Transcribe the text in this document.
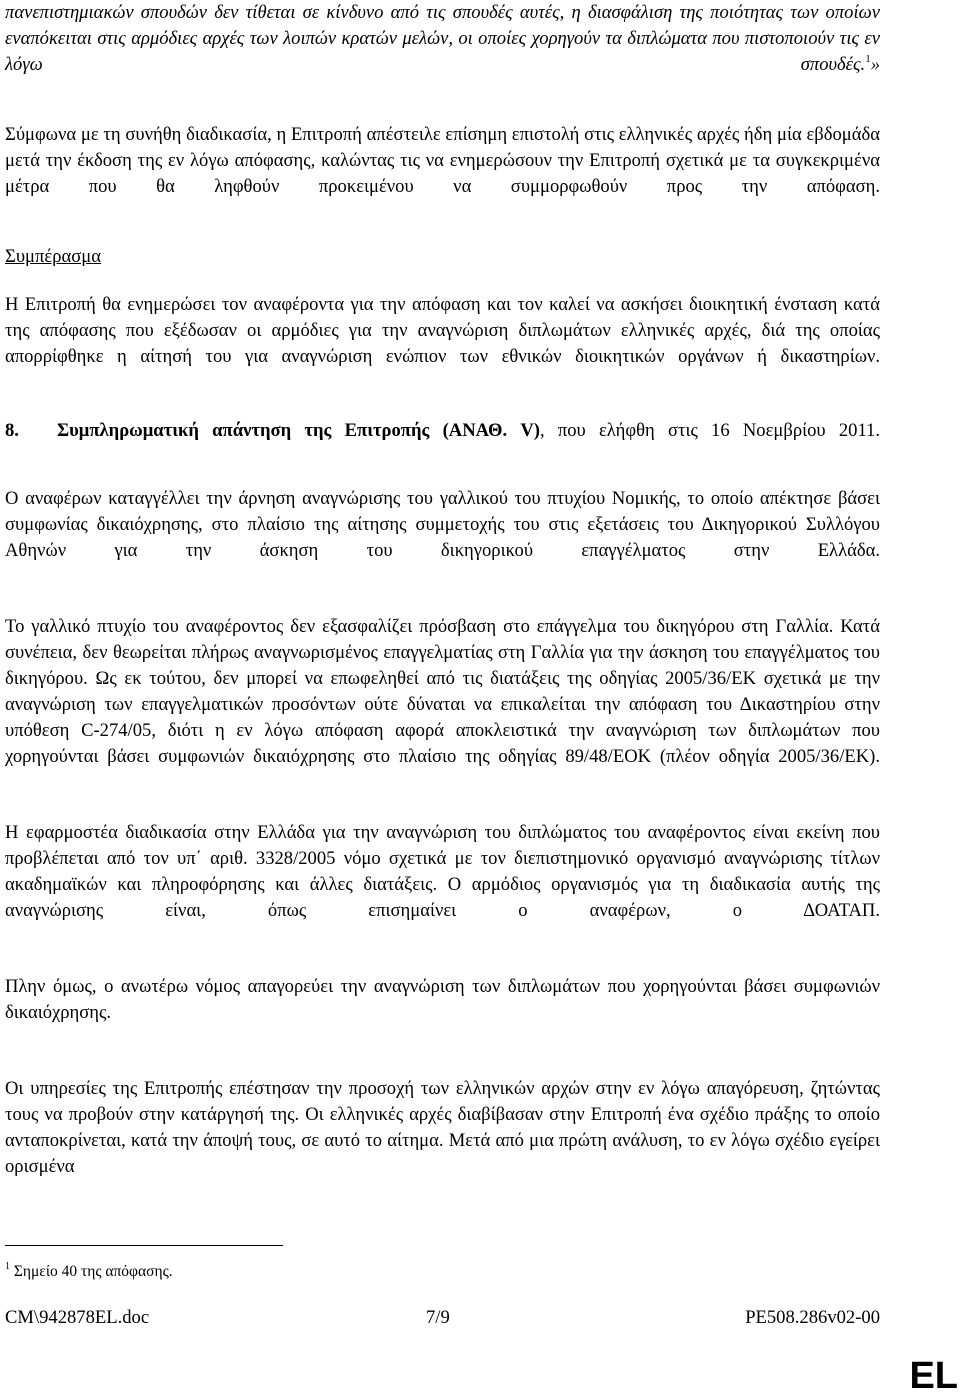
πανεπιστημιακών σπουδών δεν τίθεται σε κίνδυνο από τις σπουδές αυτές, η διασφάλιση της ποιότητας των οποίων εναπόκειται στις αρμόδιες αρχές των λοιπών κρατών μελών, οι οποίες χορηγούν τα διπλώματα που πιστοποιούν τις εν λόγω σπουδές.$^1$»

Σύμφωνα με τη συνήθη διαδικασία, η Επιτροπή απέστειλε επίσημη επιστολή στις ελληνικές αρχές ήδη μία εβδομάδα μετά την έκδοση της εν λόγω απόφασης, καλώντας τις να ενημερώσουν την Επιτροπή σχετικά με τα συγκεκριμένα μέτρα που θα ληφθούν προκειμένου να συμμορφωθούν προς την απόφαση.

Συμπέρασμα

Η Επιτροπή θα ενημερώσει τον αναφέροντα για την απόφαση και τον καλεί να ασκήσει διοικητική ένσταση κατά της απόφασης που εξέδωσαν οι αρμόδιες για την αναγνώριση διπλωμάτων ελληνικές αρχές, διά της οποίας απορρίφθηκε η αίτησή του για αναγνώριση ενώπιον των εθνικών διοικητικών οργάνων ή δικαστηρίων.

8.	Συμπληρωματική απάντηση της Επιτροπής (ΑΝΑΘ. V), που ελήφθη στις 16 Νοεμβρίου 2011.

Ο αναφέρων καταγγέλλει την άρνηση αναγνώρισης του γαλλικού του πτυχίου Νομικής, το οποίο απέκτησε βάσει συμφωνίας δικαιόχρησης, στο πλαίσιο της αίτησης συμμετοχής του στις εξετάσεις του Δικηγορικού Συλλόγου Αθηνών για την άσκηση του δικηγορικού επαγγέλματος στην Ελλάδα.

Το γαλλικό πτυχίο του αναφέροντος δεν εξασφαλίζει πρόσβαση στο επάγγελμα του δικηγόρου στη Γαλλία. Κατά συνέπεια, δεν θεωρείται πλήρως αναγνωρισμένος επαγγελματίας στη Γαλλία για την άσκηση του επαγγέλματος του δικηγόρου. Ως εκ τούτου, δεν μπορεί να επωφεληθεί από τις διατάξεις της οδηγίας 2005/36/ΕΚ σχετικά με την αναγνώριση των επαγγελματικών προσόντων ούτε δύναται να επικαλείται την απόφαση του Δικαστηρίου στην υπόθεση C-274/05, διότι η εν λόγω απόφαση αφορά αποκλειστικά την αναγνώριση των διπλωμάτων που χορηγούνται βάσει συμφωνιών δικαιόχρησης στο πλαίσιο της οδηγίας 89/48/ΕΟΚ (πλέον οδηγία 2005/36/ΕΚ).

Η εφαρμοστέα διαδικασία στην Ελλάδα για την αναγνώριση του διπλώματος του αναφέροντος είναι εκείνη που προβλέπεται από τον υπ΄ αριθ. 3328/2005 νόμο σχετικά με τον διεπιστημονικό οργανισμό αναγνώρισης τίτλων ακαδημαϊκών και πληροφόρησης και άλλες διατάξεις. Ο αρμόδιος οργανισμός για τη διαδικασία αυτής της αναγνώρισης είναι, όπως επισημαίνει ο αναφέρων, ο ΔΟΑΤΑΠ.

Πλην όμως, ο ανωτέρω νόμος απαγορεύει την αναγνώριση των διπλωμάτων που χορηγούνται βάσει συμφωνιών δικαιόχρησης.

Οι υπηρεσίες της Επιτροπής επέστησαν την προσοχή των ελληνικών αρχών στην εν λόγω απαγόρευση, ζητώντας τους να προβούν στην κατάργησή της. Οι ελληνικές αρχές διαβίβασαν στην Επιτροπή ένα σχέδιο πράξης το οποίο ανταποκρίνεται, κατά την άποψή τους, σε αυτό το αίτημα. Μετά από μια πρώτη ανάλυση, το εν λόγω σχέδιο εγείρει ορισμένα

$^1$ Σημείο 40 της απόφασης.
CM\942878EL.doc	7/9	PE508.286v02-00
EL
